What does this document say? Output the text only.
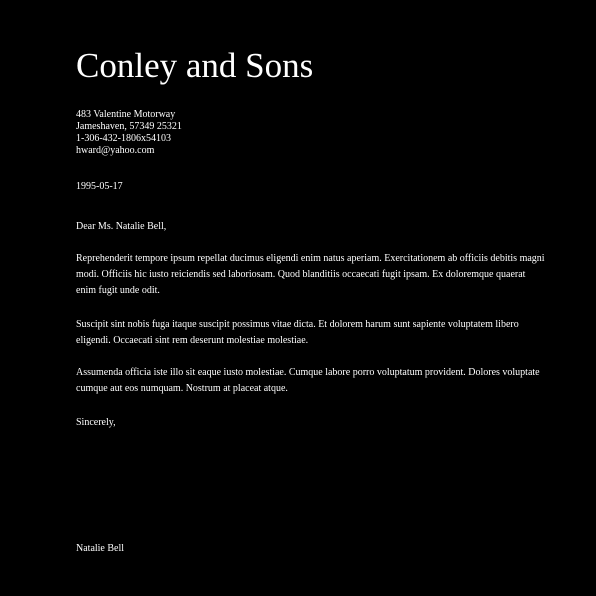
Conley and Sons
483 Valentine Motorway
Jameshaven, 57349 25321
1-306-432-1806x54103
hward@yahoo.com
1995-05-17
Dear Ms. Natalie Bell,

Reprehenderit tempore ipsum repellat ducimus eligendi enim natus aperiam. Exercitationem ab officiis debitis magni modi. Officiis hic iusto reiciendis sed laboriosam. Quod blanditiis occaecati fugit ipsam. Ex doloremque quaerat enim fugit unde odit.

Suscipit sint nobis fuga itaque suscipit possimus vitae dicta. Et dolorem harum sunt sapiente voluptatem libero eligendi. Occaecati sint rem deserunt molestiae molestiae.

Assumenda officia iste illo sit eaque iusto molestiae. Cumque labore porro voluptatum provident. Dolores voluptate cumque aut eos numquam. Nostrum at placeat atque.

Sincerely,
Natalie Bell
